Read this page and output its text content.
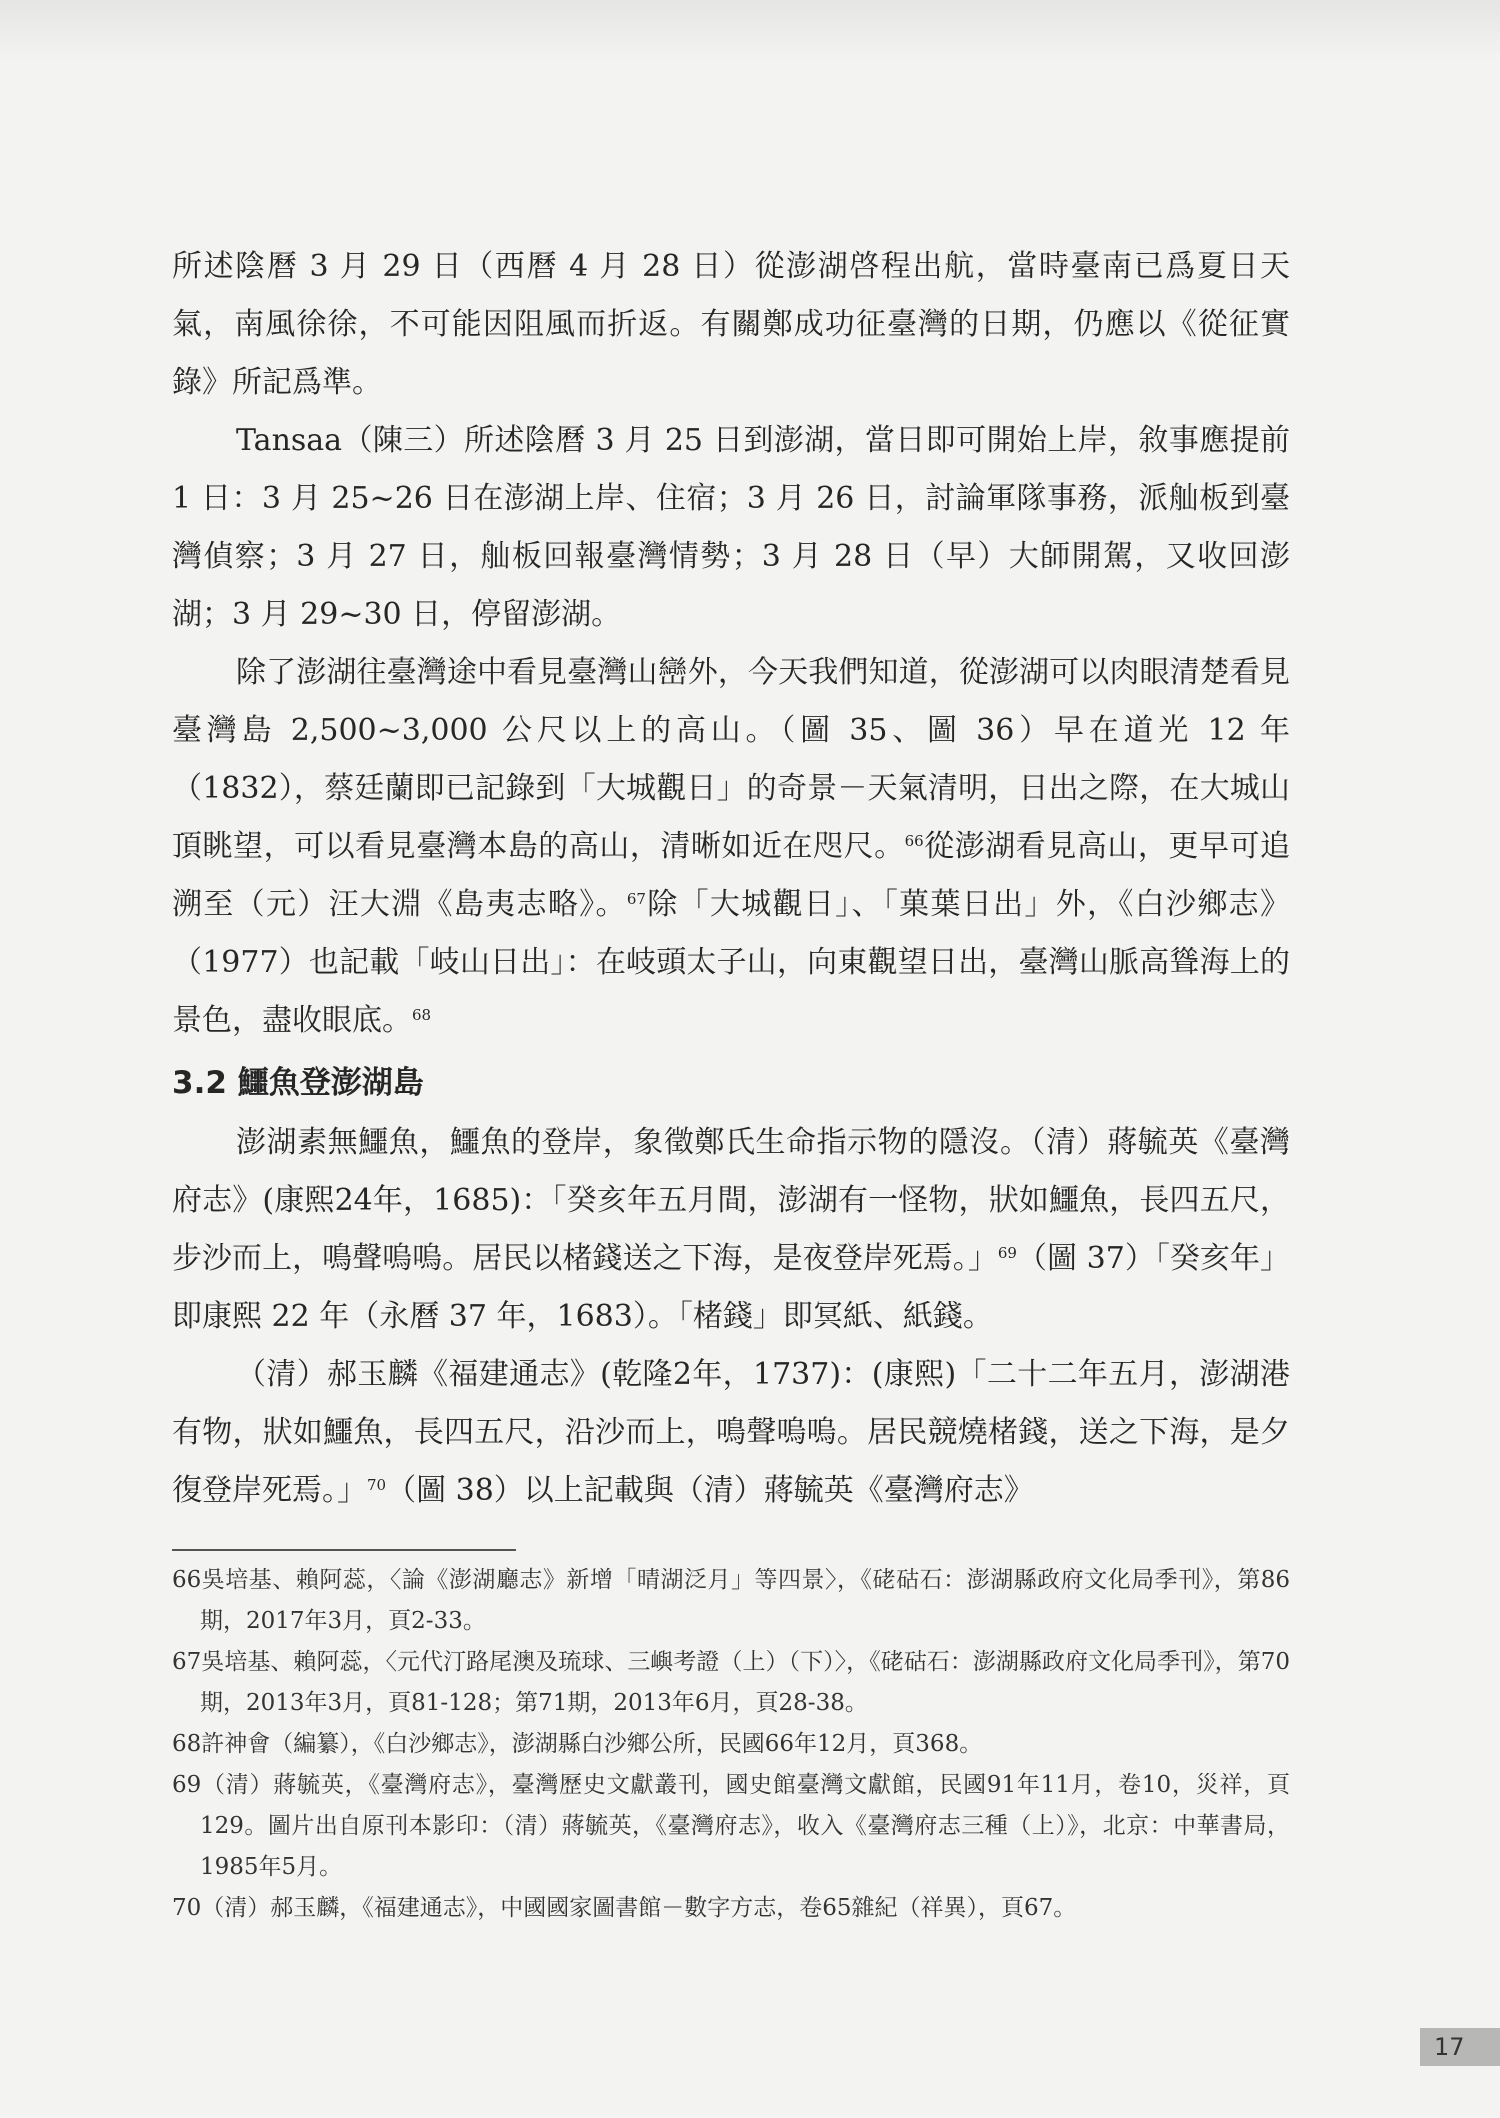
所述陰曆 3 月 29 日（西曆 4 月 28 日）從澎湖啓程出航，當時臺南已爲夏日天氣，南風徐徐，不可能因阻風而折返。有關鄭成功征臺灣的日期，仍應以《從征實錄》所記爲準。

Tansaa（陳三）所述陰曆 3 月 25 日到澎湖，當日即可開始上岸，敘事應提前 1 日：3 月 25~26 日在澎湖上岸、住宿；3 月 26 日，討論軍隊事務，派舢板到臺灣偵察；3 月 27 日，舢板回報臺灣情勢；3 月 28 日（早）大師開駕，又收回澎湖；3 月 29~30 日，停留澎湖。

除了澎湖往臺灣途中看見臺灣山巒外，今天我們知道，從澎湖可以肉眼清楚看見臺灣島 2,500~3,000 公尺以上的高山。（圖 35、圖 36）早在道光 12 年（1832），蔡廷蘭即已記錄到「大城觀日」的奇景－天氣清明，日出之際，在大城山頂眺望，可以看見臺灣本島的高山，清晰如近在咫尺。$^{66}$從澎湖看見高山，更早可追溯至（元）汪大淵《島夷志略》。$^{67}$除「大城觀日」、「菓葉日出」外，《白沙鄉志》（1977）也記載「岐山日出」：在岐頭太子山，向東觀望日出，臺灣山脈高聳海上的景色，盡收眼底。$^{68}$

3.2 鱷魚登澎湖島

澎湖素無鱷魚，鱷魚的登岸，象徵鄭氏生命指示物的隱沒。（清）蔣毓英《臺灣府志》(康熙24年，1685)：「癸亥年五月間，澎湖有一怪物，狀如鱷魚，長四五尺，步沙而上，鳴聲嗚嗚。居民以楮錢送之下海，是夜登岸死焉。」$^{69}$（圖 37）「癸亥年」即康熙 22 年（永曆 37 年，1683）。「楮錢」即冥紙、紙錢。

（清）郝玉麟《福建通志》(乾隆2年，1737)：(康熙)「二十二年五月，澎湖港有物，狀如鱷魚，長四五尺，沿沙而上，鳴聲嗚嗚。居民競燒楮錢，送之下海，是夕復登岸死焉。」$^{70}$（圖 38）以上記載與（清）蔣毓英《臺灣府志》

66吳培基、賴阿蕊，〈論《澎湖廳志》新增「晴湖泛月」等四景〉，《硓𥑮石：澎湖縣政府文化局季刊》，第86期，2017年3月，頁2-33。

67吳培基、賴阿蕊，〈元代汀路尾澳及琉球、三嶼考證（上）（下）〉，《硓𥑮石：澎湖縣政府文化局季刊》，第70期，2013年3月，頁81-128；第71期，2013年6月，頁28-38。

68許神會（編纂），《白沙鄉志》，澎湖縣白沙鄉公所，民國66年12月，頁368。

69（清）蔣毓英，《臺灣府志》，臺灣歷史文獻叢刊，國史館臺灣文獻館，民國91年11月，卷10，災祥，頁129。圖片出自原刊本影印：（清）蔣毓英，《臺灣府志》，收入《臺灣府志三種（上）》，北京：中華書局，1985年5月。

70（清）郝玉麟，《福建通志》，中國國家圖書館－數字方志，卷65雜紀（祥異），頁67。

17
